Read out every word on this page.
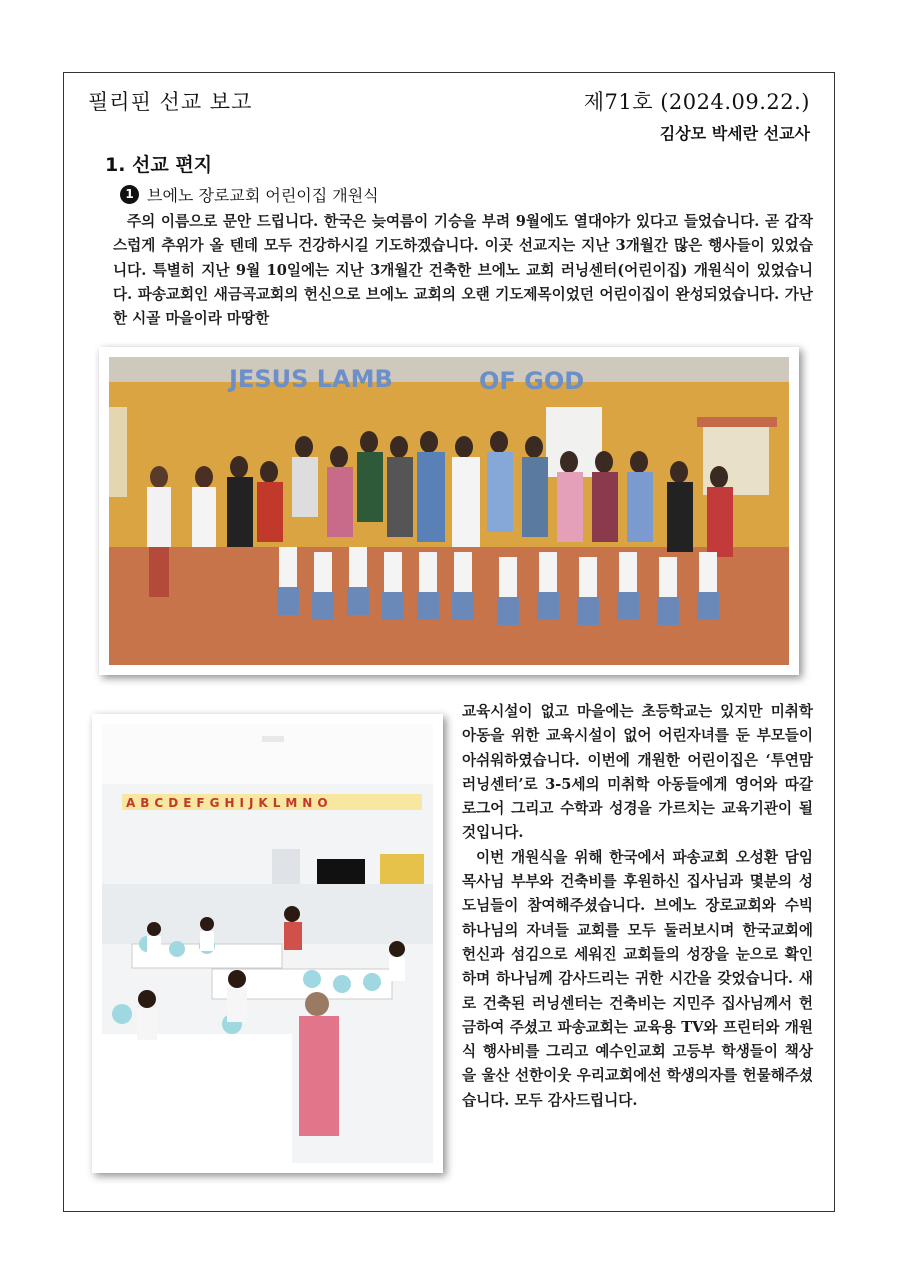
필리핀 선교 보고	제71호 (2024.09.22.)
김상모 박세란 선교사
1. 선교 편지
1 브에노 장로교회 어린이집 개원식

주의 이름으로 문안 드립니다. 한국은 늦여름이 기승을 부려 9월에도 열대야가 있다고 들었습니다. 곧 갑작스럽게 추위가 올 텐데 모두 건강하시길 기도하겠습니다. 이곳 선교지는 지난 3개월간 많은 행사들이 있었습니다. 특별히 지난 9월 10일에는 지난 3개월간 건축한 브에노 교회 러닝센터(어린이집) 개원식이 있었습니다. 파송교회인 새금곡교회의 헌신으로 브에노 교회의 오랜 기도제목이었던 어린이집이 완성되었습니다. 가난한 시골 마을이라 마땅한

JESUS LAMB	OF GOD
ABCDEFGHIJKLMNO

교육시설이 없고 마을에는 초등학교는 있지만 미취학 아동을 위한 교육시설이 없어 어린자녀를 둔 부모들이 아쉬워하였습니다. 이번에 개원한 어린이집은 ‘투연맘 러닝센터’로 3-5세의 미취학 아동들에게 영어와 따갈로그어 그리고 수학과 성경을 가르치는 교육기관이 될 것입니다.

이번 개원식을 위해 한국에서 파송교회 오성환 담임목사님 부부와 건축비를 후원하신 집사님과 몇분의 성도님들이 참여해주셨습니다. 브에노 장로교회와 수빅 하나님의 자녀들 교회를 모두 둘러보시며 한국교회에 헌신과 섬김으로 세워진 교회들의 성장을 눈으로 확인하며 하나님께 감사드리는 귀한 시간을 갖었습니다. 새로 건축된 러닝센터는 건축비는 지민주 집사님께서 헌금하여 주셨고 파송교회는 교육용 TV와 프린터와 개원식 행사비를 그리고 예수인교회 고등부 학생들이 책상을 울산 선한이웃 우리교회에선 학생의자를 헌물해주셨습니다. 모두 감사드립니다.
